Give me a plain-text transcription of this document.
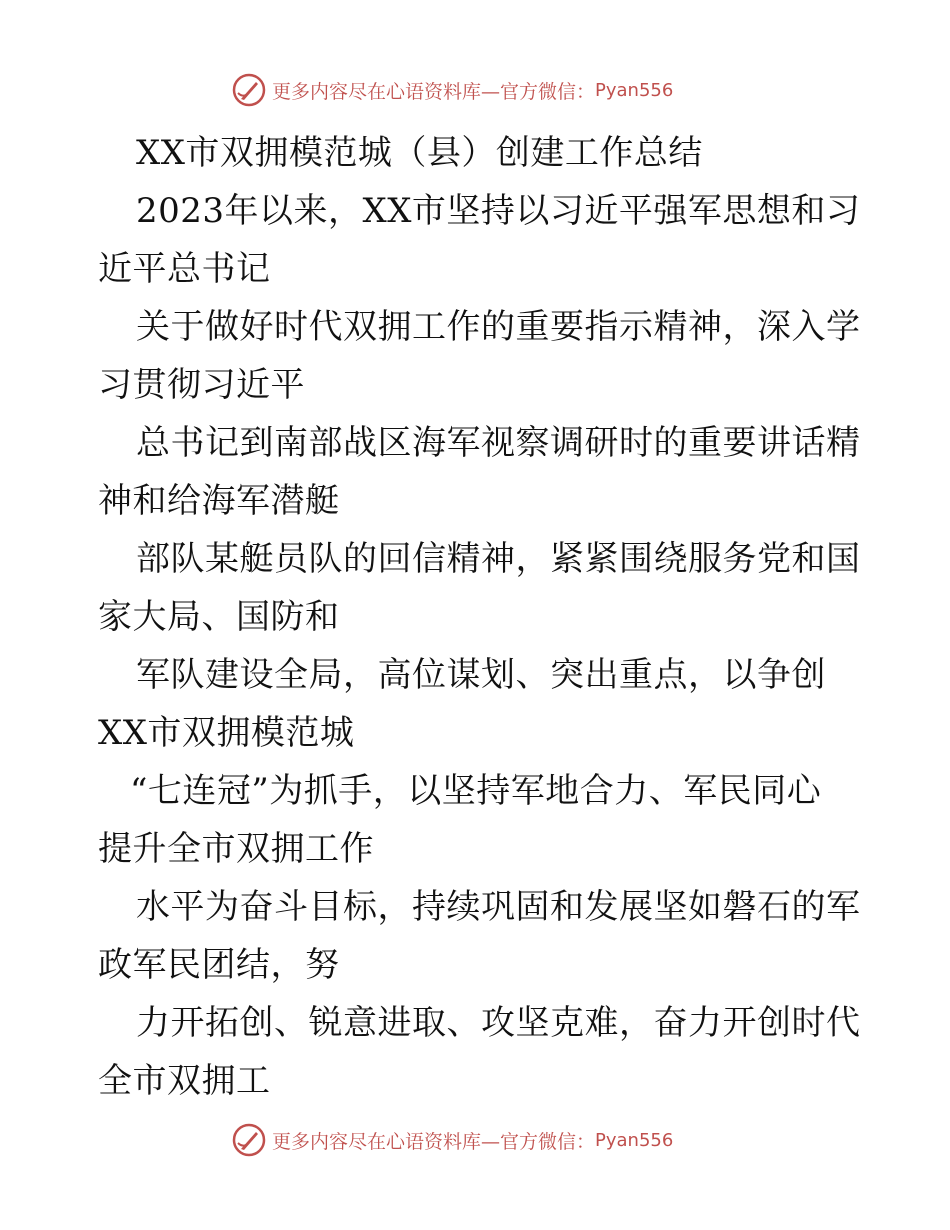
更多内容尽在心语资料库—官方微信： Pyan556
XX市双拥模范城（县）创建工作总结
2023年以来，XX市坚持以习近平强军思想和习
近平总书记
关于做好时代双拥工作的重要指示精神，深入学
习贯彻习近平
总书记到南部战区海军视察调研时的重要讲话精
神和给海军潜艇
部队某艇员队的回信精神，紧紧围绕服务党和国
家大局、国防和
军队建设全局，高位谋划、突出重点，以争创
XX市双拥模范城
“七连冠”为抓手，以坚持军地合力、军民同心
提升全市双拥工作
水平为奋斗目标，持续巩固和发展坚如磐石的军
政军民团结，努
力开拓创、锐意进取、攻坚克难，奋力开创时代
全市双拥工
更多内容尽在心语资料库—官方微信： Pyan556
